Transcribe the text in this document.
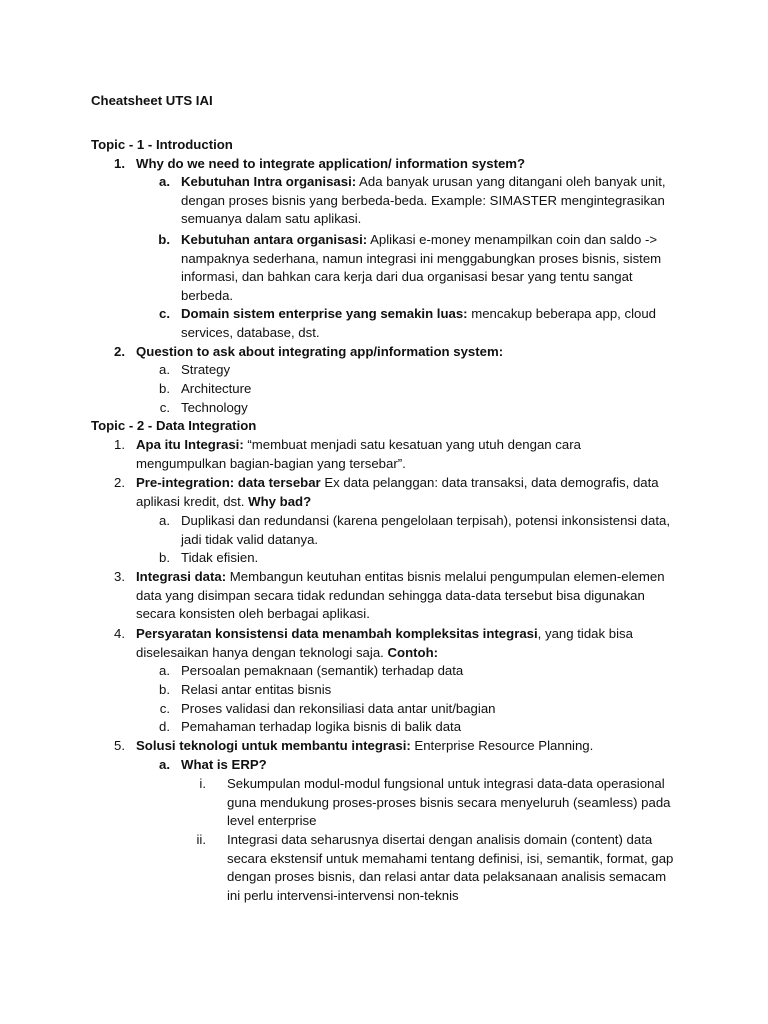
Cheatsheet UTS IAI
Topic - 1 - Introduction
1. Why do we need to integrate application/ information system?
a. Kebutuhan Intra organisasi: Ada banyak urusan yang ditangani oleh banyak unit, dengan proses bisnis yang berbeda-beda. Example: SIMASTER mengintegrasikan semuanya dalam satu aplikasi.
b. Kebutuhan antara organisasi: Aplikasi e-money menampilkan coin dan saldo -> nampaknya sederhana, namun integrasi ini menggabungkan proses bisnis, sistem informasi, dan bahkan cara kerja dari dua organisasi besar yang tentu sangat berbeda.
c. Domain sistem enterprise yang semakin luas: mencakup beberapa app, cloud services, database, dst.
2. Question to ask about integrating app/information system:
a. Strategy
b. Architecture
c. Technology
Topic - 2 - Data Integration
1. Apa itu Integrasi: “membuat menjadi satu kesatuan yang utuh dengan cara mengumpulkan bagian-bagian yang tersebar”.
2. Pre-integration: data tersebar Ex data pelanggan: data transaksi, data demografis, data aplikasi kredit, dst. Why bad?
a. Duplikasi dan redundansi (karena pengelolaan terpisah), potensi inkonsistensi data, jadi tidak valid datanya.
b. Tidak efisien.
3. Integrasi data: Membangun keutuhan entitas bisnis melalui pengumpulan elemen-elemen data yang disimpan secara tidak redundan sehingga data-data tersebut bisa digunakan secara konsisten oleh berbagai aplikasi.
4. Persyaratan konsistensi data menambah kompleksitas integrasi, yang tidak bisa diselesaikan hanya dengan teknologi saja. Contoh:
a. Persoalan pemaknaan (semantik) terhadap data
b. Relasi antar entitas bisnis
c. Proses validasi dan rekonsiliasi data antar unit/bagian
d. Pemahaman terhadap logika bisnis di balik data
5. Solusi teknologi untuk membantu integrasi: Enterprise Resource Planning.
a. What is ERP?
i. Sekumpulan modul-modul fungsional untuk integrasi data-data operasional guna mendukung proses-proses bisnis secara menyeluruh (seamless) pada level enterprise
ii. Integrasi data seharusnya disertai dengan analisis domain (content) data secara ekstensif untuk memahami tentang definisi, isi, semantik, format, gap dengan proses bisnis, dan relasi antar data pelaksanaan analisis semacam ini perlu intervensi-intervensi non-teknis
